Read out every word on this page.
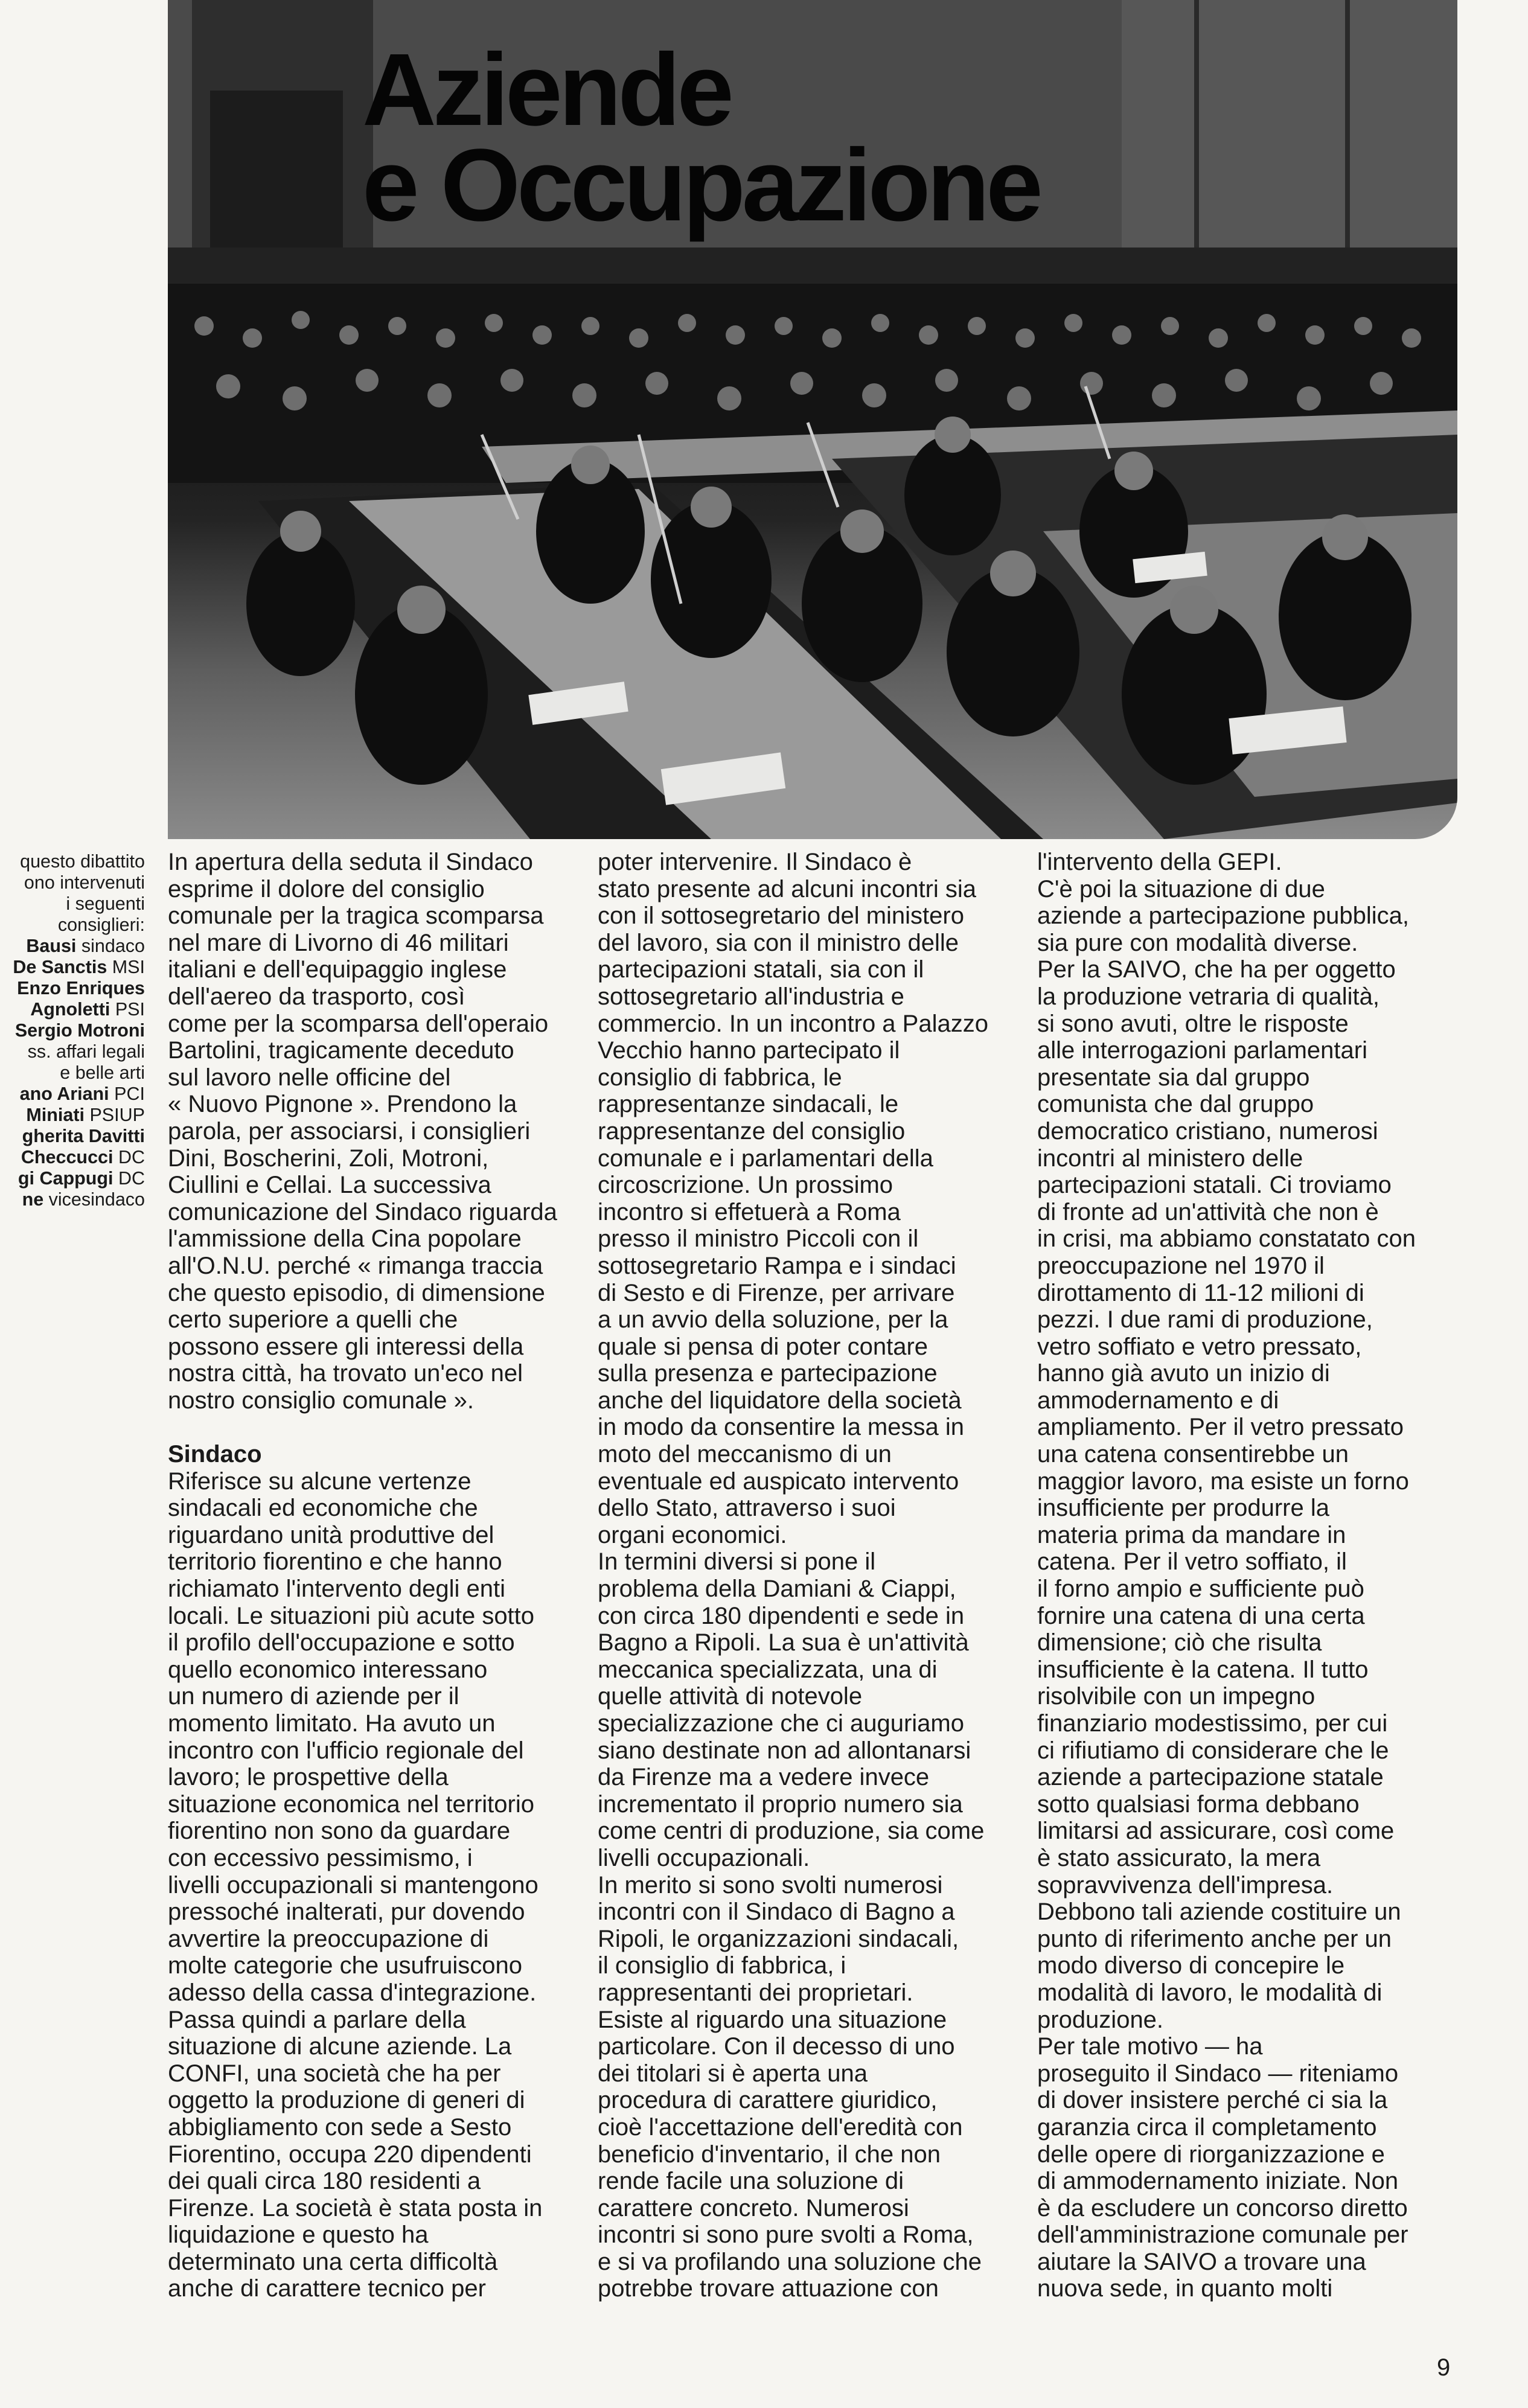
Aziende
e Occupazione
questo dibattito
ono intervenuti
i seguenti
consiglieri:
Bausi sindaco
De Sanctis MSI
Enzo Enriques
Agnoletti PSI
Sergio Motroni
ss. affari legali
e belle arti
ano Ariani PCI
Miniati PSIUP
gherita Davitti
Checcucci DC
gi Cappugi DC
ne vicesindaco
In apertura della seduta il Sindaco
esprime il dolore del consiglio
comunale per la tragica scomparsa
nel mare di Livorno di 46 militari
italiani e dell'equipaggio inglese
dell'aereo da trasporto, così
come per la scomparsa dell'operaio
Bartolini, tragicamente deceduto
sul lavoro nelle officine del
« Nuovo Pignone ». Prendono la
parola, per associarsi, i consiglieri
Dini, Boscherini, Zoli, Motroni,
Ciullini e Cellai. La successiva
comunicazione del Sindaco riguarda
l'ammissione della Cina popolare
all'O.N.U. perché « rimanga traccia
che questo episodio, di dimensione
certo superiore a quelli che
possono essere gli interessi della
nostra città, ha trovato un'eco nel
nostro consiglio comunale ».
Sindaco
Riferisce su alcune vertenze
sindacali ed economiche che
riguardano unità produttive del
territorio fiorentino e che hanno
richiamato l'intervento degli enti
locali. Le situazioni più acute sotto
il profilo dell'occupazione e sotto
quello economico interessano
un numero di aziende per il
momento limitato. Ha avuto un
incontro con l'ufficio regionale del
lavoro; le prospettive della
situazione economica nel territorio
fiorentino non sono da guardare
con eccessivo pessimismo, i
livelli occupazionali si mantengono
pressoché inalterati, pur dovendo
avvertire la preoccupazione di
molte categorie che usufruiscono
adesso della cassa d'integrazione.
Passa quindi a parlare della
situazione di alcune aziende. La
CONFI, una società che ha per
oggetto la produzione di generi di
abbigliamento con sede a Sesto
Fiorentino, occupa 220 dipendenti
dei quali circa 180 residenti a
Firenze. La società è stata posta in
liquidazione e questo ha
determinato una certa difficoltà
anche di carattere tecnico per
poter intervenire. Il Sindaco è
stato presente ad alcuni incontri sia
con il sottosegretario del ministero
del lavoro, sia con il ministro delle
partecipazioni statali, sia con il
sottosegretario all'industria e
commercio. In un incontro a Palazzo
Vecchio hanno partecipato il
consiglio di fabbrica, le
rappresentanze sindacali, le
rappresentanze del consiglio
comunale e i parlamentari della
circoscrizione. Un prossimo
incontro si effetuerà a Roma
presso il ministro Piccoli con il
sottosegretario Rampa e i sindaci
di Sesto e di Firenze, per arrivare
a un avvio della soluzione, per la
quale si pensa di poter contare
sulla presenza e partecipazione
anche del liquidatore della società
in modo da consentire la messa in
moto del meccanismo di un
eventuale ed auspicato intervento
dello Stato, attraverso i suoi
organi economici.
In termini diversi si pone il
problema della Damiani & Ciappi,
con circa 180 dipendenti e sede in
Bagno a Ripoli. La sua è un'attività
meccanica specializzata, una di
quelle attività di notevole
specializzazione che ci auguriamo
siano destinate non ad allontanarsi
da Firenze ma a vedere invece
incrementato il proprio numero sia
come centri di produzione, sia come
livelli occupazionali.
In merito si sono svolti numerosi
incontri con il Sindaco di Bagno a
Ripoli, le organizzazioni sindacali,
il consiglio di fabbrica, i
rappresentanti dei proprietari.
Esiste al riguardo una situazione
particolare. Con il decesso di uno
dei titolari si è aperta una
procedura di carattere giuridico,
cioè l'accettazione dell'eredità con
beneficio d'inventario, il che non
rende facile una soluzione di
carattere concreto. Numerosi
incontri si sono pure svolti a Roma,
e si va profilando una soluzione che
potrebbe trovare attuazione con
l'intervento della GEPI.
C'è poi la situazione di due
aziende a partecipazione pubblica,
sia pure con modalità diverse.
Per la SAIVO, che ha per oggetto
la produzione vetraria di qualità,
si sono avuti, oltre le risposte
alle interrogazioni parlamentari
presentate sia dal gruppo
comunista che dal gruppo
democratico cristiano, numerosi
incontri al ministero delle
partecipazioni statali. Ci troviamo
di fronte ad un'attività che non è
in crisi, ma abbiamo constatato con
preoccupazione nel 1970 il
dirottamento di 11-12 milioni di
pezzi. I due rami di produzione,
vetro soffiato e vetro pressato,
hanno già avuto un inizio di
ammodernamento e di
ampliamento. Per il vetro pressato
una catena consentirebbe un
maggior lavoro, ma esiste un forno
insufficiente per produrre la
materia prima da mandare in
catena. Per il vetro soffiato, il
il forno ampio e sufficiente può
fornire una catena di una certa
dimensione; ciò che risulta
insufficiente è la catena. Il tutto
risolvibile con un impegno
finanziario modestissimo, per cui
ci rifiutiamo di considerare che le
aziende a partecipazione statale
sotto qualsiasi forma debbano
limitarsi ad assicurare, così come
è stato assicurato, la mera
sopravvivenza dell'impresa.
Debbono tali aziende costituire un
punto di riferimento anche per un
modo diverso di concepire le
modalità di lavoro, le modalità di
produzione.
Per tale motivo — ha
proseguito il Sindaco — riteniamo
di dover insistere perché ci sia la
garanzia circa il completamento
delle opere di riorganizzazione e
di ammodernamento iniziate. Non
è da escludere un concorso diretto
dell'amministrazione comunale per
aiutare la SAIVO a trovare una
nuova sede, in quanto molti
9
